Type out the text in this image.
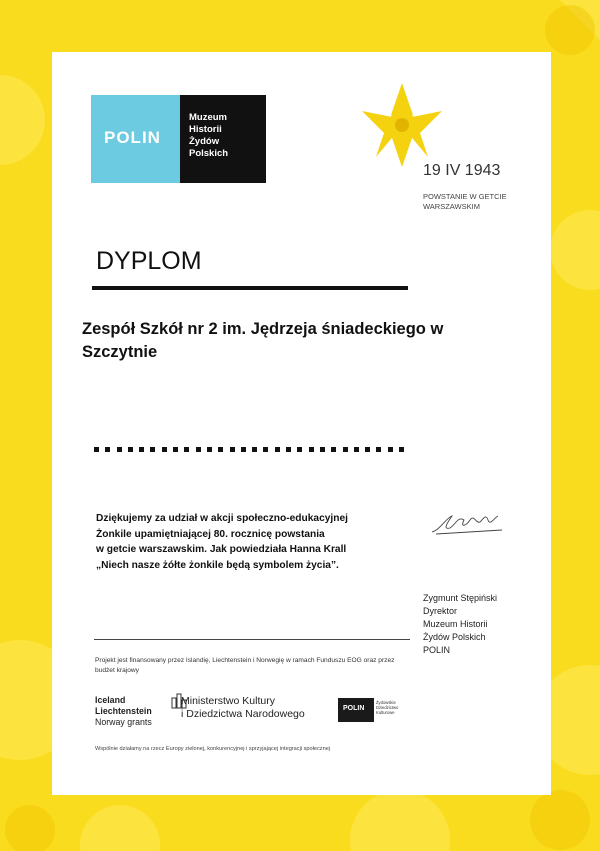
POLIN
Muzeum
Historii
Żydów
Polskich
19 IV 1943
POWSTANIE W GETCIE WARSZAWSKIM
DYPLOM
Zespół Szkół nr 2 im. Jędrzeja śniadeckiego w Szczytnie
Dziękujemy za udział w akcji społeczno-edukacyjnej
Żonkile upamiętniającej 80. rocznicę powstania
w getcie warszawskim. Jak powiedziała Hanna Krall
„Niech nasze żółte żonkile będą symbolem życia”.
Zygmunt Stępiński
Dyrektor
Muzeum Historii
Żydów Polskich
POLIN
Projekt jest finansowany przez Islandię, Liechtenstein i Norwegię w ramach Funduszu EOG oraz przez budżet krajowy
Iceland
Liechtenstein
Norway grants
Ministerstwo Kultury
i Dziedzictwa Narodowego	POLIN
Żydowskie Dziedzictwo Kulturowe
Wspólnie działamy na rzecz Europy zielonej, konkurencyjnej i sprzyjającej integracji społecznej
